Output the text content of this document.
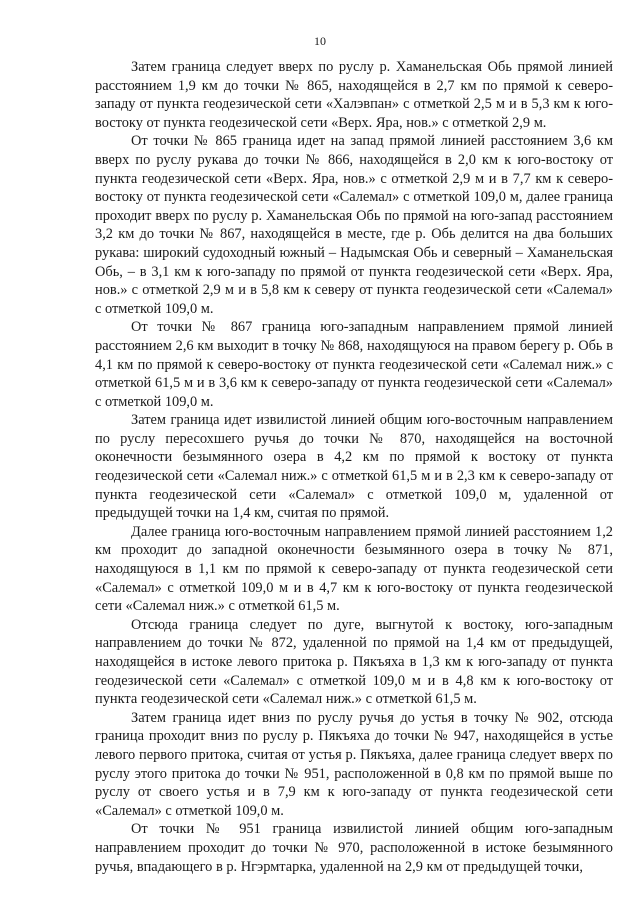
10

Затем граница следует вверх по руслу р. Хаманельская Обь прямой линией расстоянием 1,9 км до точки № 865, находящейся в 2,7 км по прямой к северо-западу от пункта геодезической сети «Халэвпан» с отметкой 2,5 м и в 5,3 км к юго-востоку от пункта геодезической сети «Верх. Яра, нов.» с отметкой 2,9 м.

От точки № 865 граница идет на запад прямой линией расстоянием 3,6 км вверх по руслу рукава до точки № 866, находящейся в 2,0 км к юго-востоку от пункта геодезической сети «Верх. Яра, нов.» с отметкой 2,9 м и в 7,7 км к северо-востоку от пункта геодезической сети «Салемал» с отметкой 109,0 м, далее граница проходит вверх по руслу р. Хаманельская Обь по прямой на юго-запад расстоянием 3,2 км до точки № 867, находящейся в месте, где р. Обь делится на два больших рукава: широкий судоходный южный – Надымская Обь и северный – Хаманельская Обь, – в 3,1 км к юго-западу по прямой от пункта геодезической сети «Верх. Яра, нов.» с отметкой 2,9 м и в 5,8 км к северу от пункта геодезической сети «Салемал» с отметкой 109,0 м.

От точки № 867 граница юго-западным направлением прямой линией расстоянием 2,6 км выходит в точку № 868, находящуюся на правом берегу р. Обь в 4,1 км по прямой к северо-востоку от пункта геодезической сети «Салемал ниж.» с отметкой 61,5 м и в 3,6 км к северо-западу от пункта геодезической сети «Салемал» с отметкой 109,0 м.

Затем граница идет извилистой линией общим юго-восточным направлением по руслу пересохшего ручья до точки № 870, находящейся на восточной оконечности безымянного озера в 4,2 км по прямой к востоку от пункта геодезической сети «Салемал ниж.» с отметкой 61,5 м и в 2,3 км к северо-западу от пункта геодезической сети «Салемал» с отметкой 109,0 м, удаленной от предыдущей точки на 1,4 км, считая по прямой.

Далее граница юго-восточным направлением прямой линией расстоянием 1,2 км проходит до западной оконечности безымянного озера в точку № 871, находящуюся в 1,1 км по прямой к северо-западу от пункта геодезической сети «Салемал» с отметкой 109,0 м и в 4,7 км к юго-востоку от пункта геодезической сети «Салемал ниж.» с отметкой 61,5 м.

Отсюда граница следует по дуге, выгнутой к востоку, юго-западным направлением до точки № 872, удаленной по прямой на 1,4 км от предыдущей, находящейся в истоке левого притока р. Пякъяха в 1,3 км к юго-западу от пункта геодезической сети «Салемал» с отметкой 109,0 м и в 4,8 км к юго-востоку от пункта геодезической сети «Салемал ниж.» с отметкой 61,5 м.

Затем граница идет вниз по руслу ручья до устья в точку № 902, отсюда граница проходит вниз по руслу р. Пякъяха до точки № 947, находящейся в устье левого первого притока, считая от устья р. Пякъяха, далее граница следует вверх по руслу этого притока до точки № 951, расположенной в 0,8 км по прямой выше по руслу от своего устья и в 7,9 км к юго-западу от пункта геодезической сети «Салемал» с отметкой 109,0 м.

От точки № 951 граница извилистой линией общим юго-западным направлением проходит до точки № 970, расположенной в истоке безымянного ручья, впадающего в р. Нгэрмтарка, удаленной на 2,9 км от предыдущей точки,
